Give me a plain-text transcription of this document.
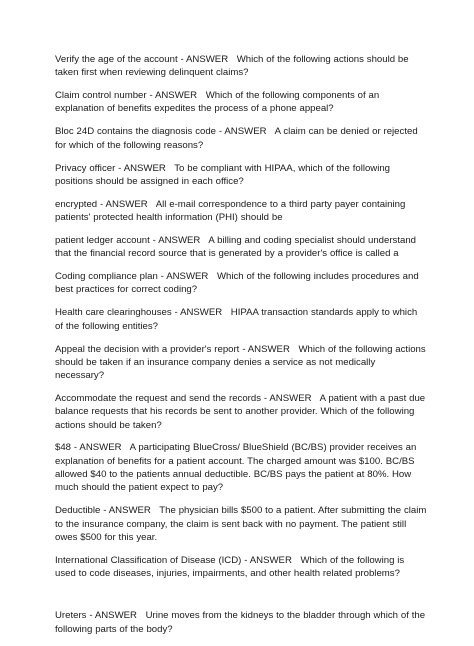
Verify the age of the account - ANSWER Which of the following actions should be taken first when reviewing delinquent claims?

Claim control number - ANSWER Which of the following components of an explanation of benefits expedites the process of a phone appeal?

Bloc 24D contains the diagnosis code - ANSWER A claim can be denied or rejected for which of the following reasons?

Privacy officer - ANSWER To be compliant with HIPAA, which of the following positions should be assigned in each office?

encrypted - ANSWER All e-mail correspondence to a third party payer containing patients' protected health information (PHI) should be

patient ledger account - ANSWER A billing and coding specialist should understand that the financial record source that is generated by a provider's office is called a

Coding compliance plan - ANSWER Which of the following includes procedures and best practices for correct coding?

Health care clearinghouses - ANSWER HIPAA transaction standards apply to which of the following entities?

Appeal the decision with a provider's report - ANSWER Which of the following actions should be taken if an insurance company denies a service as not medically necessary?

Accommodate the request and send the records - ANSWER A patient with a past due balance requests that his records be sent to another provider. Which of the following actions should be taken?

$48 - ANSWER A participating BlueCross/ BlueShield (BC/BS) provider receives an explanation of benefits for a patient account. The charged amount was $100. BC/BS allowed $40 to the patients annual deductible. BC/BS pays the patient at 80%. How much should the patient expect to pay?

Deductible - ANSWER The physician bills $500 to a patient. After submitting the claim to the insurance company, the claim is sent back with no payment. The patient still owes $500 for this year.

International Classification of Disease (ICD) - ANSWER Which of the following is used to code diseases, injuries, impairments, and other health related problems?

Ureters - ANSWER Urine moves from the kidneys to the bladder through which of the following parts of the body?
